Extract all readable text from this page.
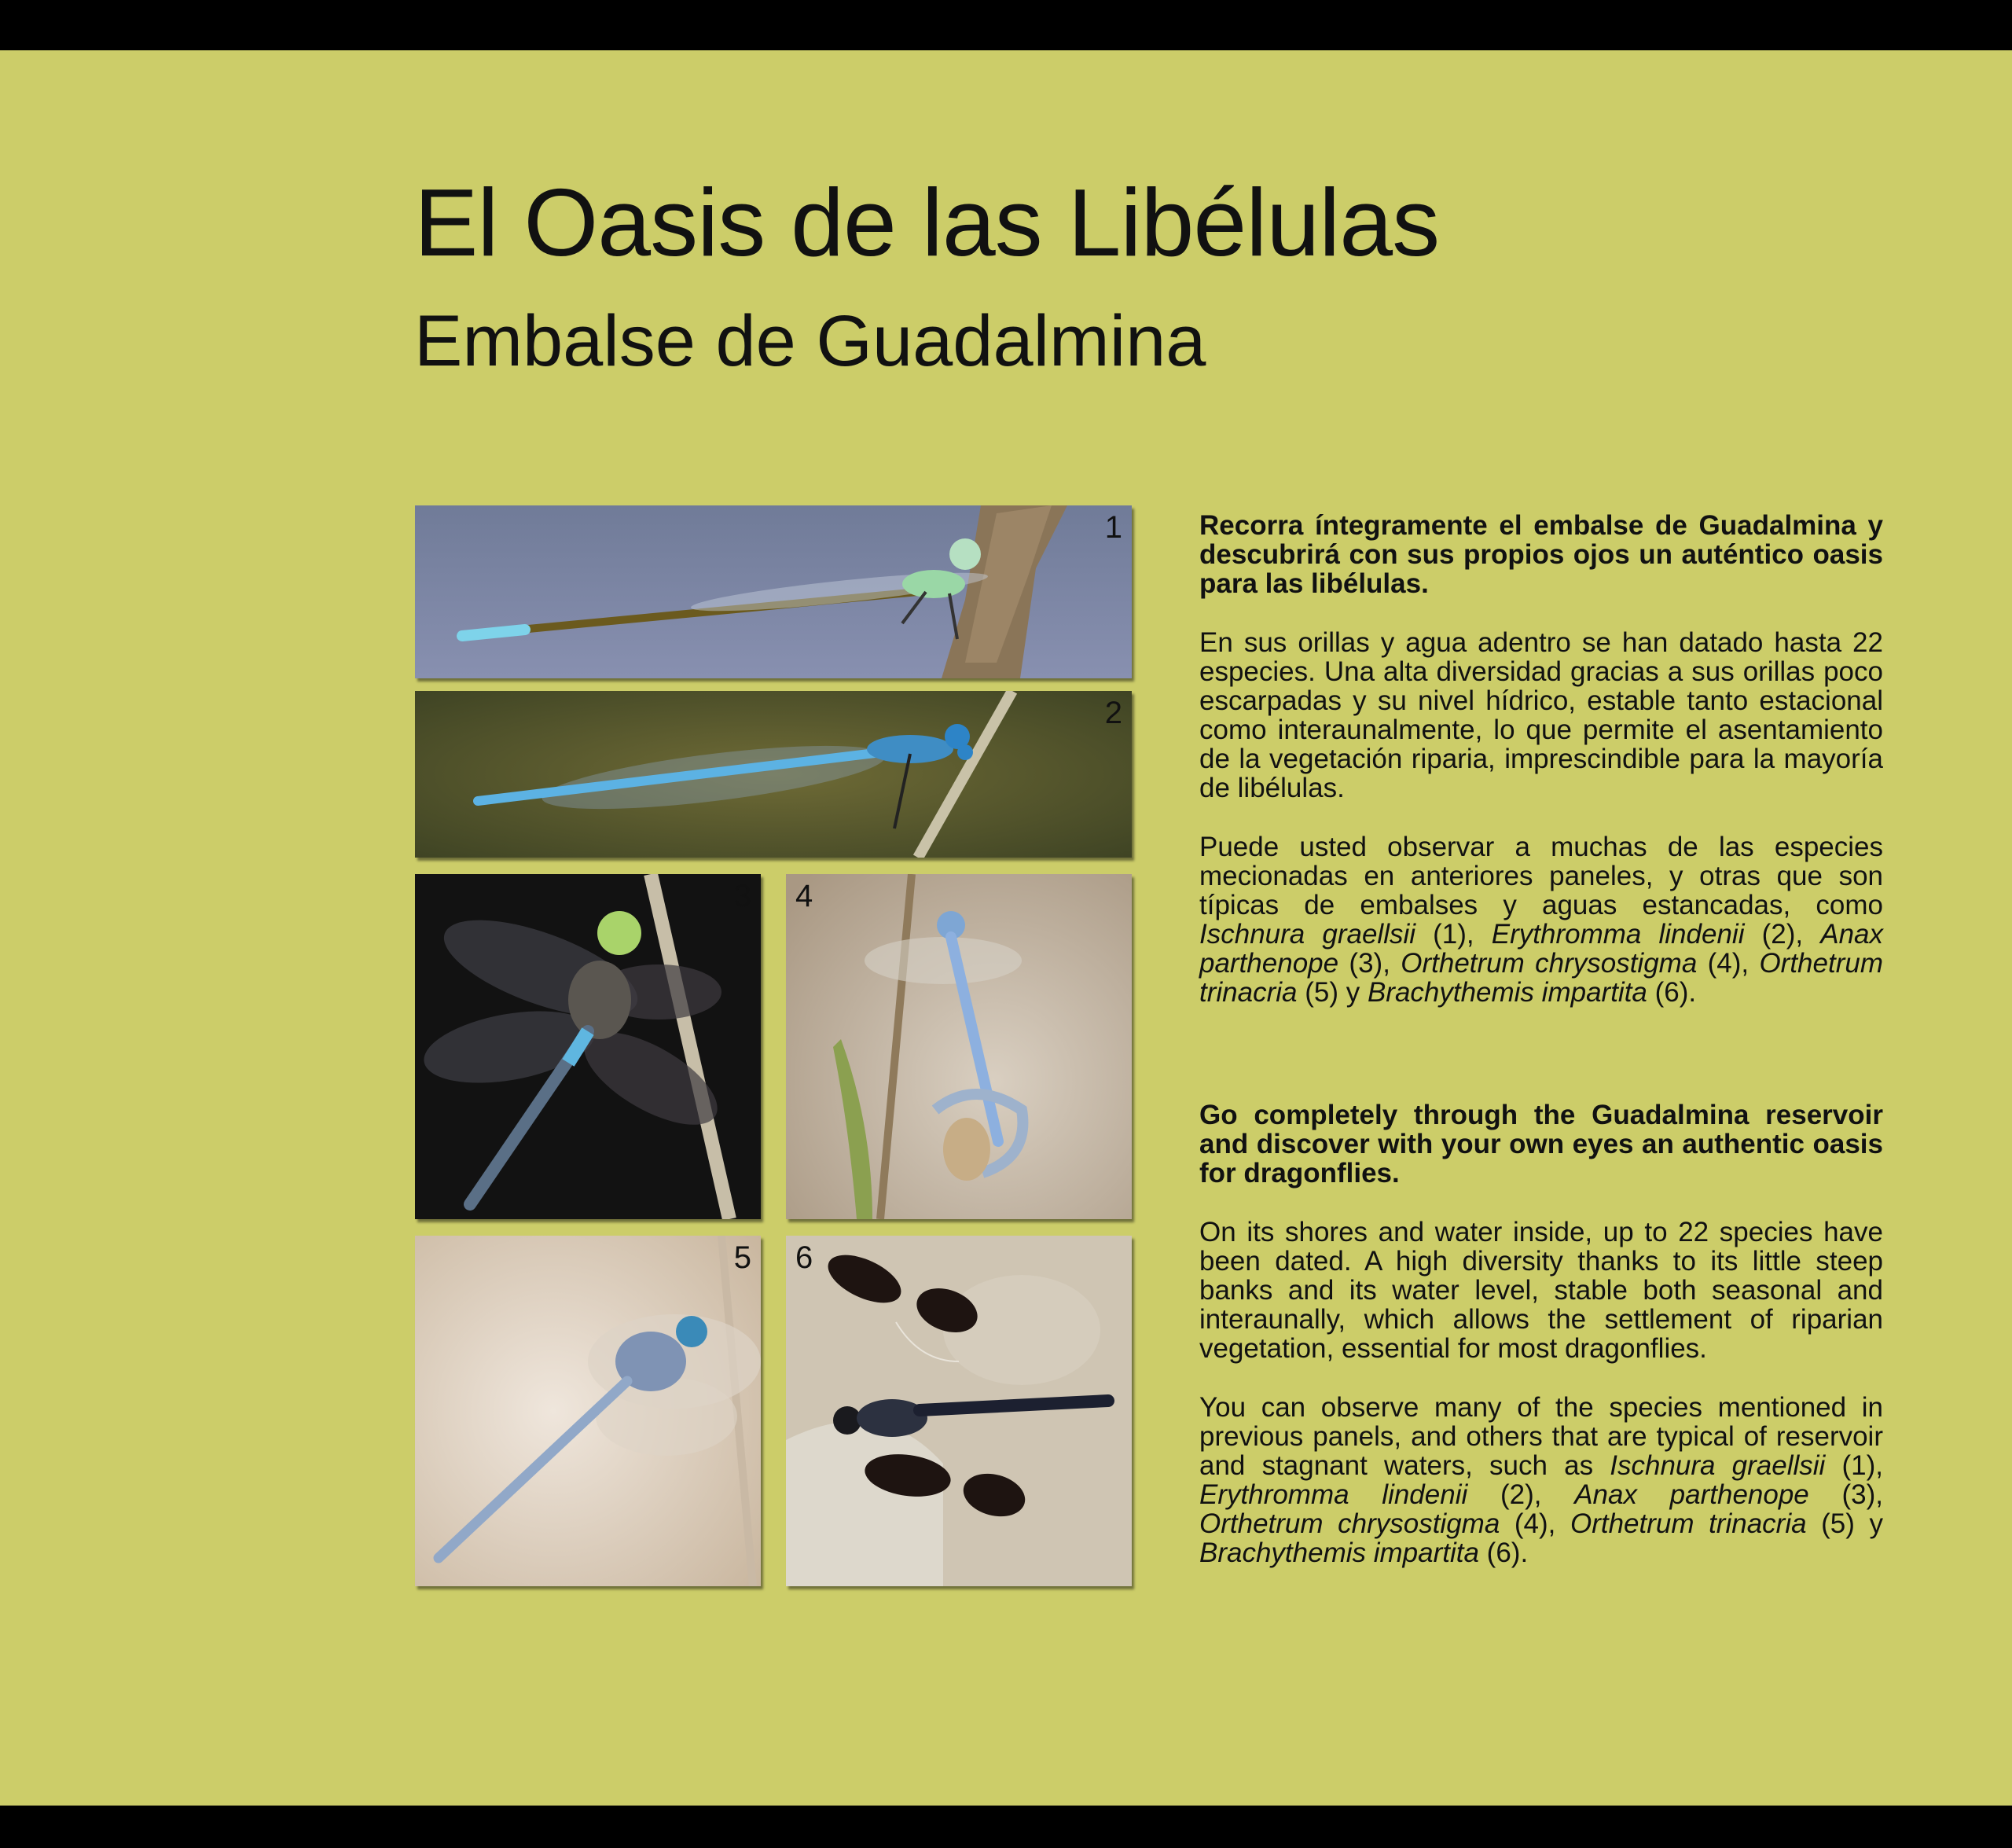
El Oasis de las Libélulas
Embalse de Guadalmina
1
2
3 4
5 6

Recorra íntegramente el embalse de Guadalmina y descubrirá con sus propios ojos un auténtico oasis para las libélulas.

En sus orillas y agua adentro se han datado hasta 22 especies. Una alta diversidad gracias a sus orillas poco escarpadas y su nivel hídrico, estable tanto estacional como interaunalmente, lo que permite el asentamiento de la vegetación riparia, imprescindible para la mayoría de libélulas.

Puede usted observar a muchas de las especies mecionadas en anteriores paneles, y otras que son típicas de embalses y aguas estancadas, como Ischnura graellsii (1), Erythromma lindenii (2), Anax parthenope (3), Orthetrum chrysostigma (4), Orthetrum trinacria (5) y Brachythemis impartita (6).

Go completely through the Guadalmina reservoir and discover with your own eyes an authentic oasis for dragonflies.

On its shores and water inside, up to 22 species have been dated. A high diversity thanks to its little steep banks and its water level, stable both seasonal and interaunally, which allows the settlement of riparian vegetation, essential for most dragonflies.

You can observe many of the species mentioned in previous panels, and others that are typical of reservoir and stagnant waters, such as Ischnura graellsii (1), Erythromma lindenii (2), Anax parthenope (3), Orthetrum chrysostigma (4), Orthetrum trinacria (5) y Brachythemis impartita (6).
